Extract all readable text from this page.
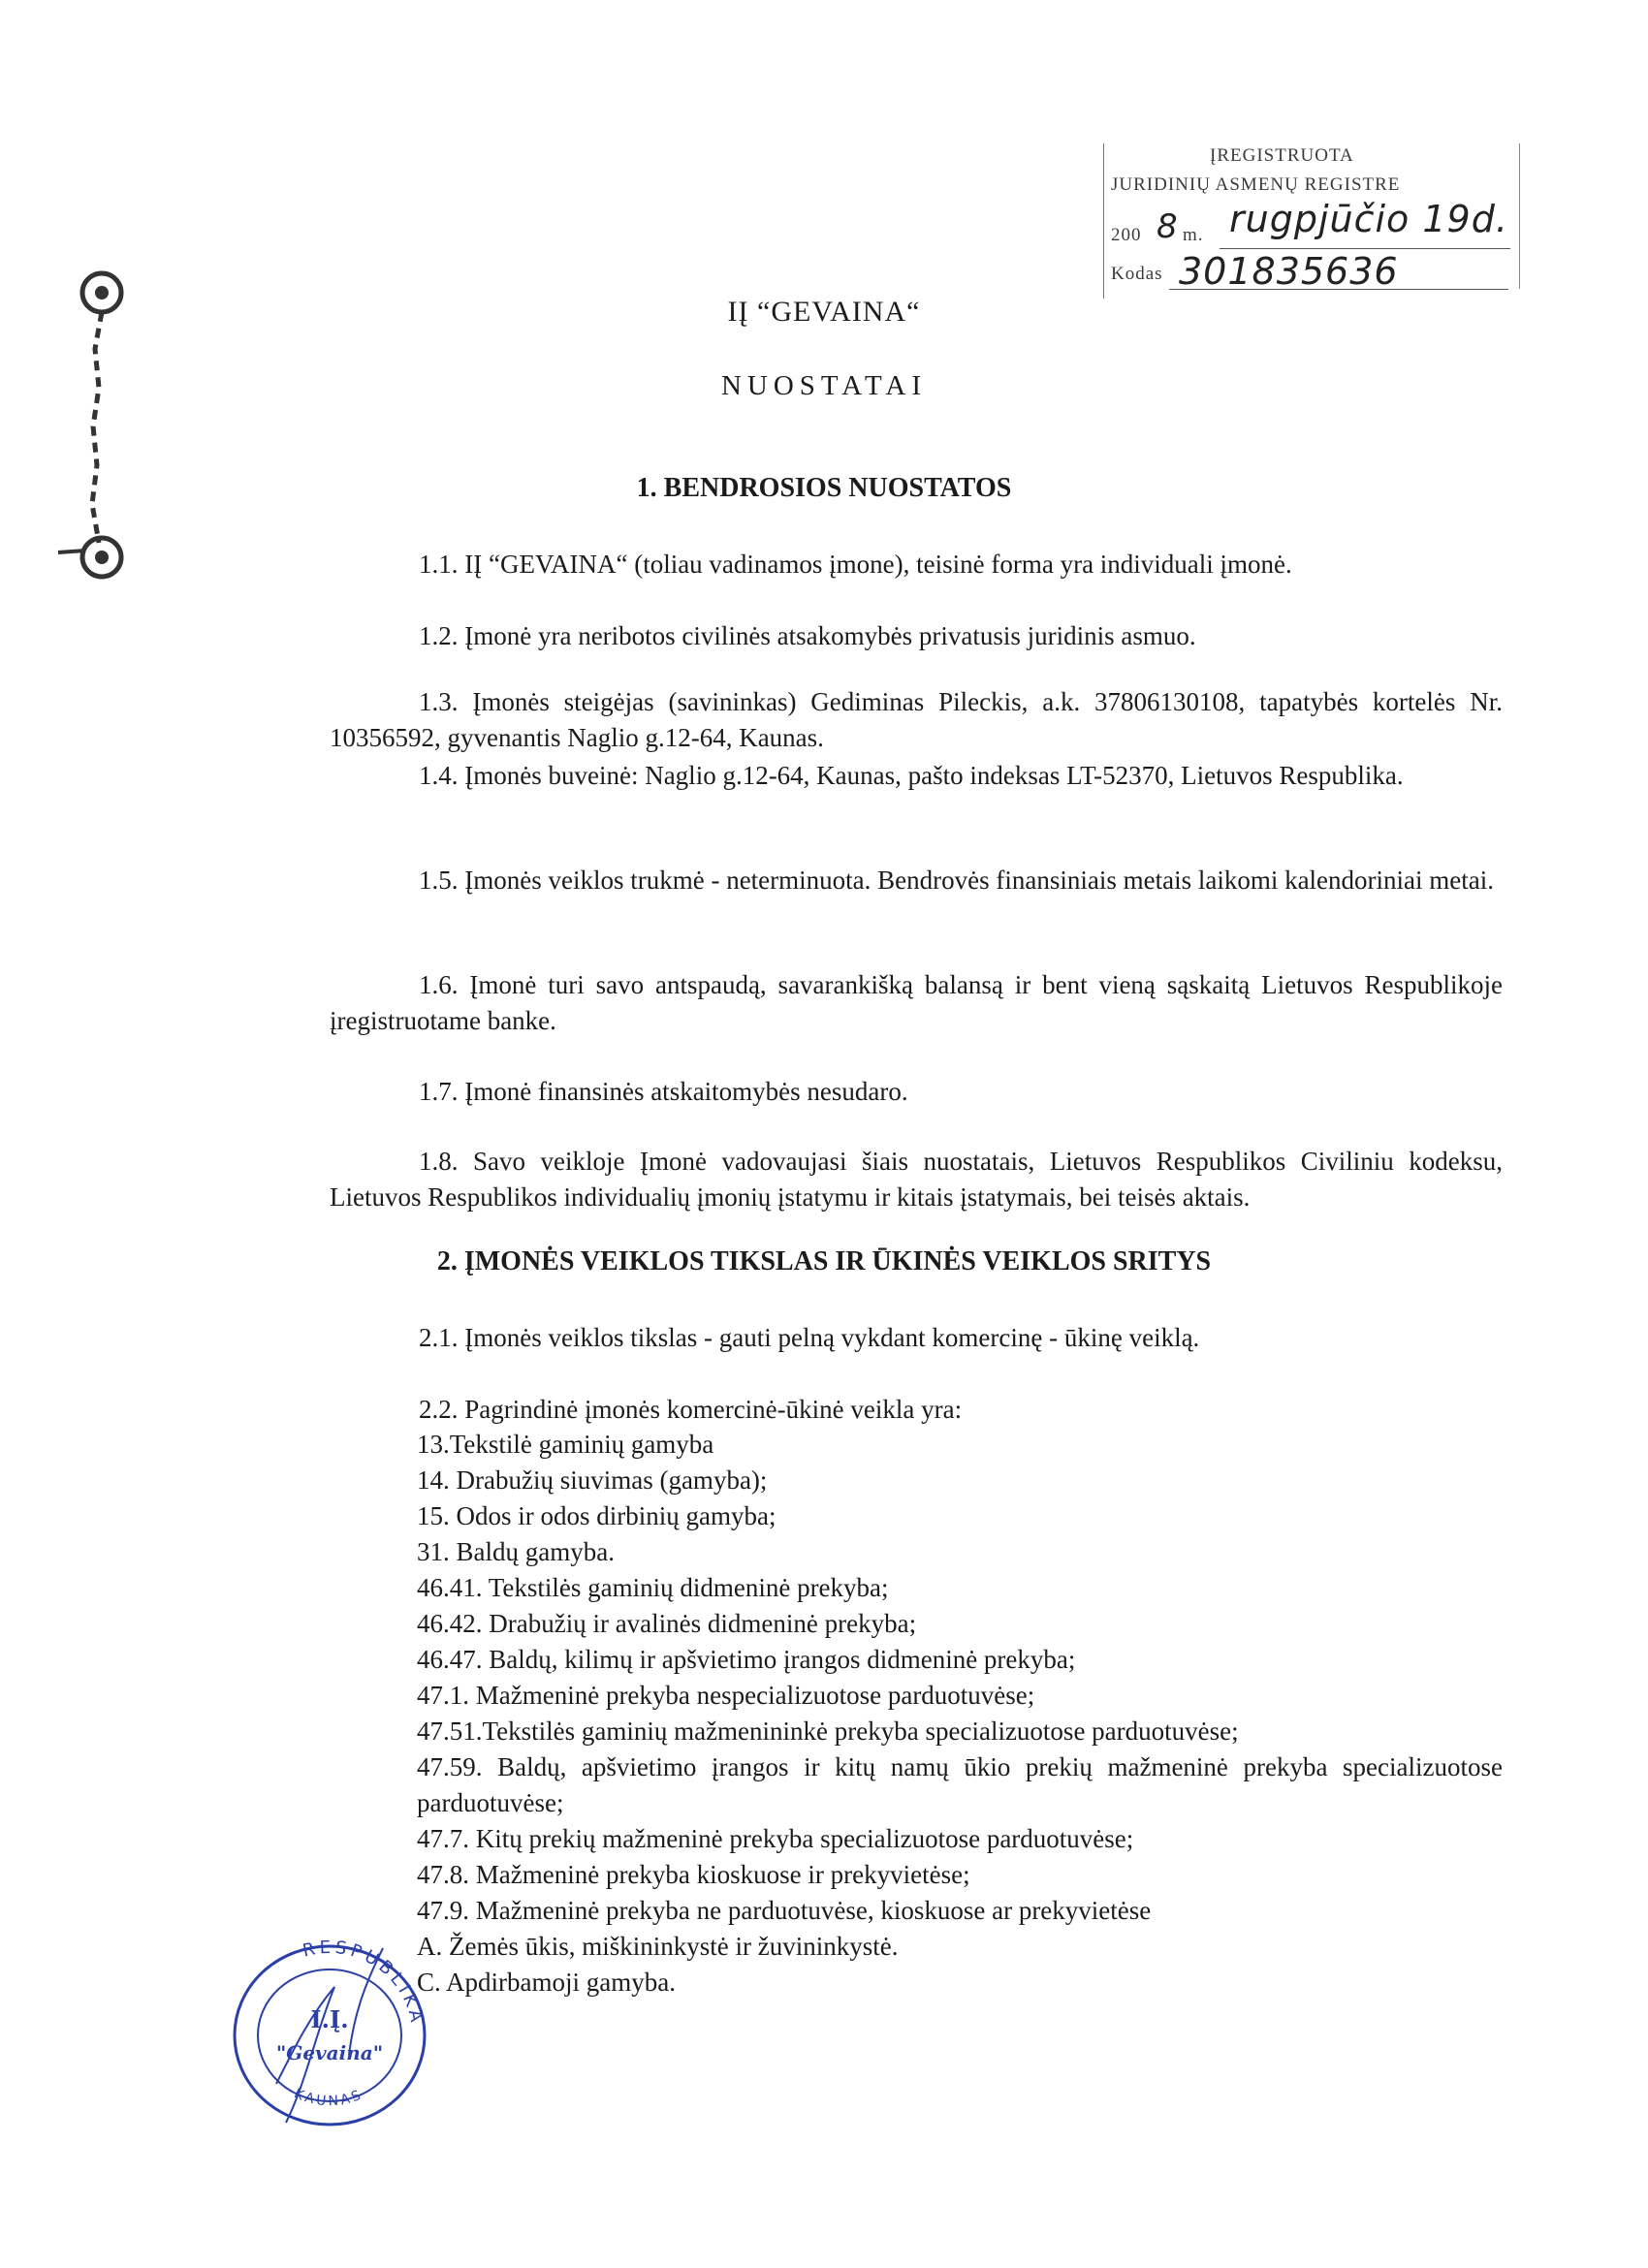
ĮREGISTRUOTA
JURIDINIŲ ASMENŲ REGISTRE
200 m.
Kodas
8 rugpjūčio 19d.
301835636
IĮ “GEVAINA“
NUOSTATAI
1. BENDROSIOS NUOSTATOS

1.1. IĮ “GEVAINA“ (toliau vadinamos įmone), teisinė forma yra individuali įmonė.

1.2. Įmonė yra neribotos civilinės atsakomybės privatusis juridinis asmuo.

1.3. Įmonės steigėjas (savininkas) Gediminas Pileckis, a.k. 37806130108, tapatybės kortelės Nr. 10356592, gyvenantis Naglio g.12-64, Kaunas.

1.4. Įmonės buveinė: Naglio g.12-64, Kaunas, pašto indeksas LT-52370, Lietuvos Respublika.

1.5. Įmonės veiklos trukmė - neterminuota. Bendrovės finansiniais metais laikomi kalendoriniai metai.

1.6. Įmonė turi savo antspaudą, savarankišką balansą ir bent vieną sąskaitą Lietuvos Respublikoje įregistruotame banke.

1.7. Įmonė finansinės atskaitomybės nesudaro.

1.8. Savo veikloje Įmonė vadovaujasi šiais nuostatais, Lietuvos Respublikos Civiliniu kodeksu, Lietuvos Respublikos individualių įmonių įstatymu ir kitais įstatymais, bei teisės aktais.

2. ĮMONĖS VEIKLOS TIKSLAS IR ŪKINĖS VEIKLOS SRITYS

2.1. Įmonės veiklos tikslas - gauti pelną vykdant komercinę - ūkinę veiklą.

2.2. Pagrindinė įmonės komercinė-ūkinė veikla yra:

13.Tekstilė gaminių gamyba

14. Drabužių siuvimas (gamyba);

15. Odos ir odos dirbinių gamyba;

31. Baldų gamyba.

46.41. Tekstilės gaminių didmeninė prekyba;

46.42. Drabužių ir avalinės didmeninė prekyba;

46.47. Baldų, kilimų ir apšvietimo įrangos didmeninė prekyba;

47.1. Mažmeninė prekyba nespecializuotose parduotuvėse;

47.51.Tekstilės gaminių mažmenininkė prekyba specializuotose parduotuvėse;

47.59. Baldų, apšvietimo įrangos ir kitų namų ūkio prekių mažmeninė prekyba specializuotose parduotuvėse;

47.7. Kitų prekių mažmeninė prekyba specializuotose parduotuvėse;

47.8. Mažmeninė prekyba kioskuose ir prekyvietėse;

47.9. Mažmeninė prekyba ne parduotuvėse, kioskuose ar prekyvietėse

A. Žemės ūkis, miškininkystė ir žuvininkystė.

C. Apdirbamoji gamyba.

RESPUBLIKA
KAUNAS
I.Į.
"Gevaina"
